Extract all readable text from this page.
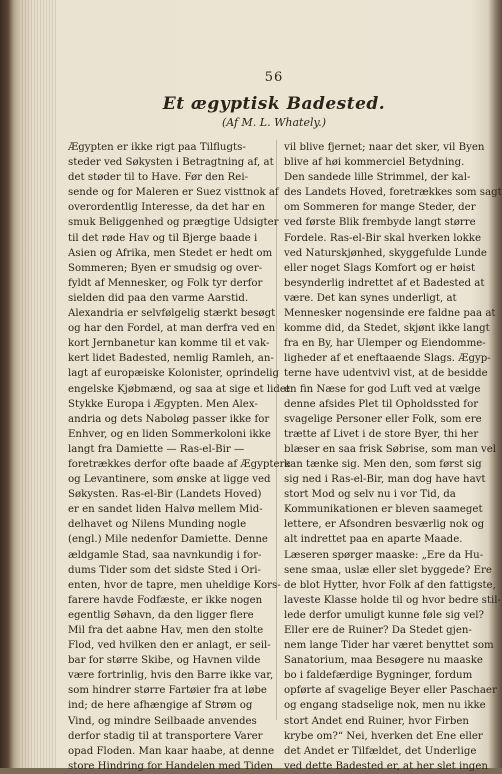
56
Et ægyptisk Badested.
(Af M. L. Whately.)
Ægypten er ikke rigt paa Tilflugts-
steder ved Søkysten i Betragtning af, at
det støder til to Have. Før den Rei-
sende og for Maleren er Suez visttnok af
overordentlig Interesse, da det har en
smuk Beliggenhed og prægtige Udsigter
til det røde Hav og til Bjerge baade i
Asien og Afrika, men Stedet er hedt om
Sommeren; Byen er smudsig og over-
fyldt af Mennesker, og Folk tyr derfor
sielden did paa den varme Aarstid.
Alexandria er selvfølgelig stærkt besøgt
og har den Fordel, at man derfra ved en
kort Jernbanetur kan komme til et vak-
kert lidet Badested, nemlig Ramleh, an-
lagt af europæiske Kolonister, oprindelig
engelske Kjøbmænd, og saa at sige et lidet
Stykke Europa i Ægypten. Men Alex-
andria og dets Naboløg passer ikke for
Enhver, og en liden Sommerkoloni ikke
langt fra Damiette — Ras-el-Bir —
foretrækkes derfor ofte baade af Ægyptere
og Levantinere, som ønske at ligge ved
Søkysten. Ras-el-Bir (Landets Hoved)
er en sandet liden Halvø mellem Mid-
delhavet og Nilens Munding nogle
(engl.) Mile nedenfor Damiette. Denne
ældgamle Stad, saa navnkundig i for-
dums Tider som det sidste Sted i Ori-
enten, hvor de tapre, men uheldige Kors-
farere havde Fodfæste, er ikke nogen
egentlig Søhavn, da den ligger flere
Mil fra det aabne Hav, men den stolte
Flod, ved hvilken den er anlagt, er seil-
bar for større Skibe, og Havnen vilde
være fortrinlig, hvis den Barre ikke var,
som hindrer større Fartøier fra at løbe
ind; de here afhængige af Strøm og
Vind, og mindre Seilbaade anvendes
derfor stadig til at transportere Varer
opad Floden. Man kaar haabe, at denne
store Hindring for Handelen med Tiden
vil blive fjernet; naar det sker, vil Byen
blive af høi kommerciel Betydning.
Den sandede lille Strimmel, der kal-
des Landets Hoved, foretrækkes som sagt
om Sommeren for mange Steder, der
ved første Blik frembyde langt større
Fordele. Ras-el-Bir skal hverken lokke
ved Naturskjønhed, skyggefulde Lunde
eller noget Slags Komfort og er høist
besynderlig indrettet af et Badested at
være. Det kan synes underligt, at
Mennesker nogensinde ere faldne paa at
komme did, da Stedet, skjønt ikke langt
fra en By, har Ulemper og Eiendomme-
ligheder af et eneftaaende Slags. Ægyp-
terne have udentvivl vist, at de besidde
en fin Næse for god Luft ved at vælge
denne afsides Plet til Opholdssted for
svagelige Personer eller Folk, som ere
trætte af Livet i de store Byer, thi her
blæser en saa frisk Søbrise, som man vel
kan tænke sig. Men den, som først sig
sig ned i Ras-el-Bir, man dog have havt
stort Mod og selv nu i vor Tid, da
Kommunikationen er bleven saameget
lettere, er Afsondren besværlig nok og
alt indrettet paa en aparte Maade.
Læseren spørger maaske: „Ere da Hu-
sene smaa, uslæ eller slet byggede? Ere
de blot Hytter, hvor Folk af den fattigste,
laveste Klasse holde til og hvor bedre stil-
lede derfor umuligt kunne føle sig vel?
Eller ere de Ruiner? Da Stedet gjen-
nem lange Tider har været benyttet som
Sanatorium, maa Besøgere nu maaske
bo i faldefærdige Bygninger, fordum
opførte af svagelige Beyer eller Paschaer
og engang stadselige nok, men nu ikke
stort Andet end Ruiner, hvor Firben
krybe om?“ Nei, hverken det Ene eller
det Andet er Tilfældet, det Underlige
ved dette Badested er, at her slet ingen
